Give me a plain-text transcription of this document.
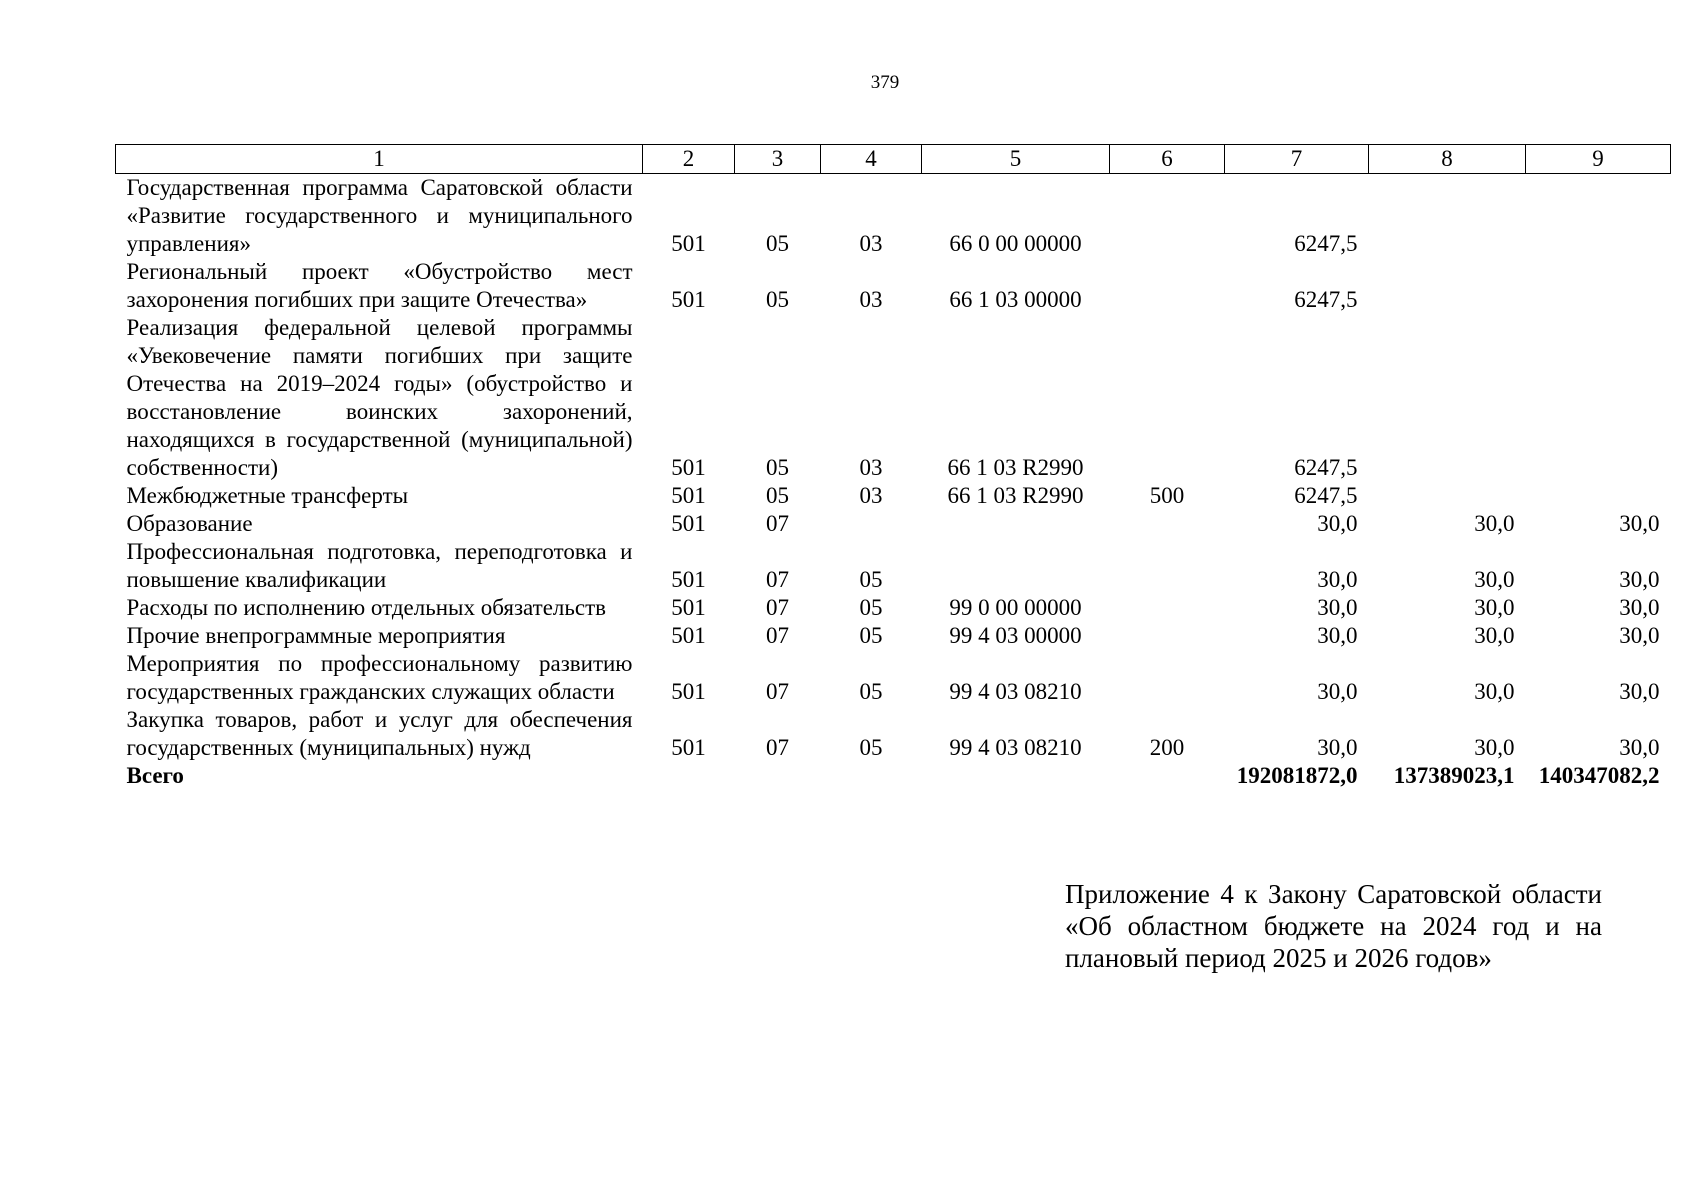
379
1	2	3	4	5	6	7	8	9
Государственная программа Саратовской области «Развитие государственного и муниципального управления»	501	05	03	66 0 00 00000		6247,5		
Региональный проект «Обустройство мест захоронения погибших при защите Отечества»	501	05	03	66 1 03 00000		6247,5		
Реализация федеральной целевой программы «Увековечение памяти погибших при защите Отечества на 2019–2024 годы» (обустройство и восстановление воинских захоронений, находящихся в государственной (муниципальной) собственности)	501	05	03	66 1 03 R2990		6247,5		
Межбюджетные трансферты	501	05	03	66 1 03 R2990	500	6247,5		
Образование	501	07				30,0	30,0	30,0
Профессиональная подготовка, переподготовка и повышение квалификации	501	07	05			30,0	30,0	30,0
Расходы по исполнению отдельных обязательств	501	07	05	99 0 00 00000		30,0	30,0	30,0
Прочие внепрограммные мероприятия	501	07	05	99 4 03 00000		30,0	30,0	30,0
Мероприятия по профессиональному развитию государственных гражданских служащих области	501	07	05	99 4 03 08210		30,0	30,0	30,0
Закупка товаров, работ и услуг для обеспечения государственных (муниципальных) нужд	501	07	05	99 4 03 08210	200	30,0	30,0	30,0
Всего						192081872,0	137389023,1	140347082,2
Приложение 4 к Закону Саратовской области «Об областном бюджете на 2024 год и на плановый период 2025 и 2026 годов»
